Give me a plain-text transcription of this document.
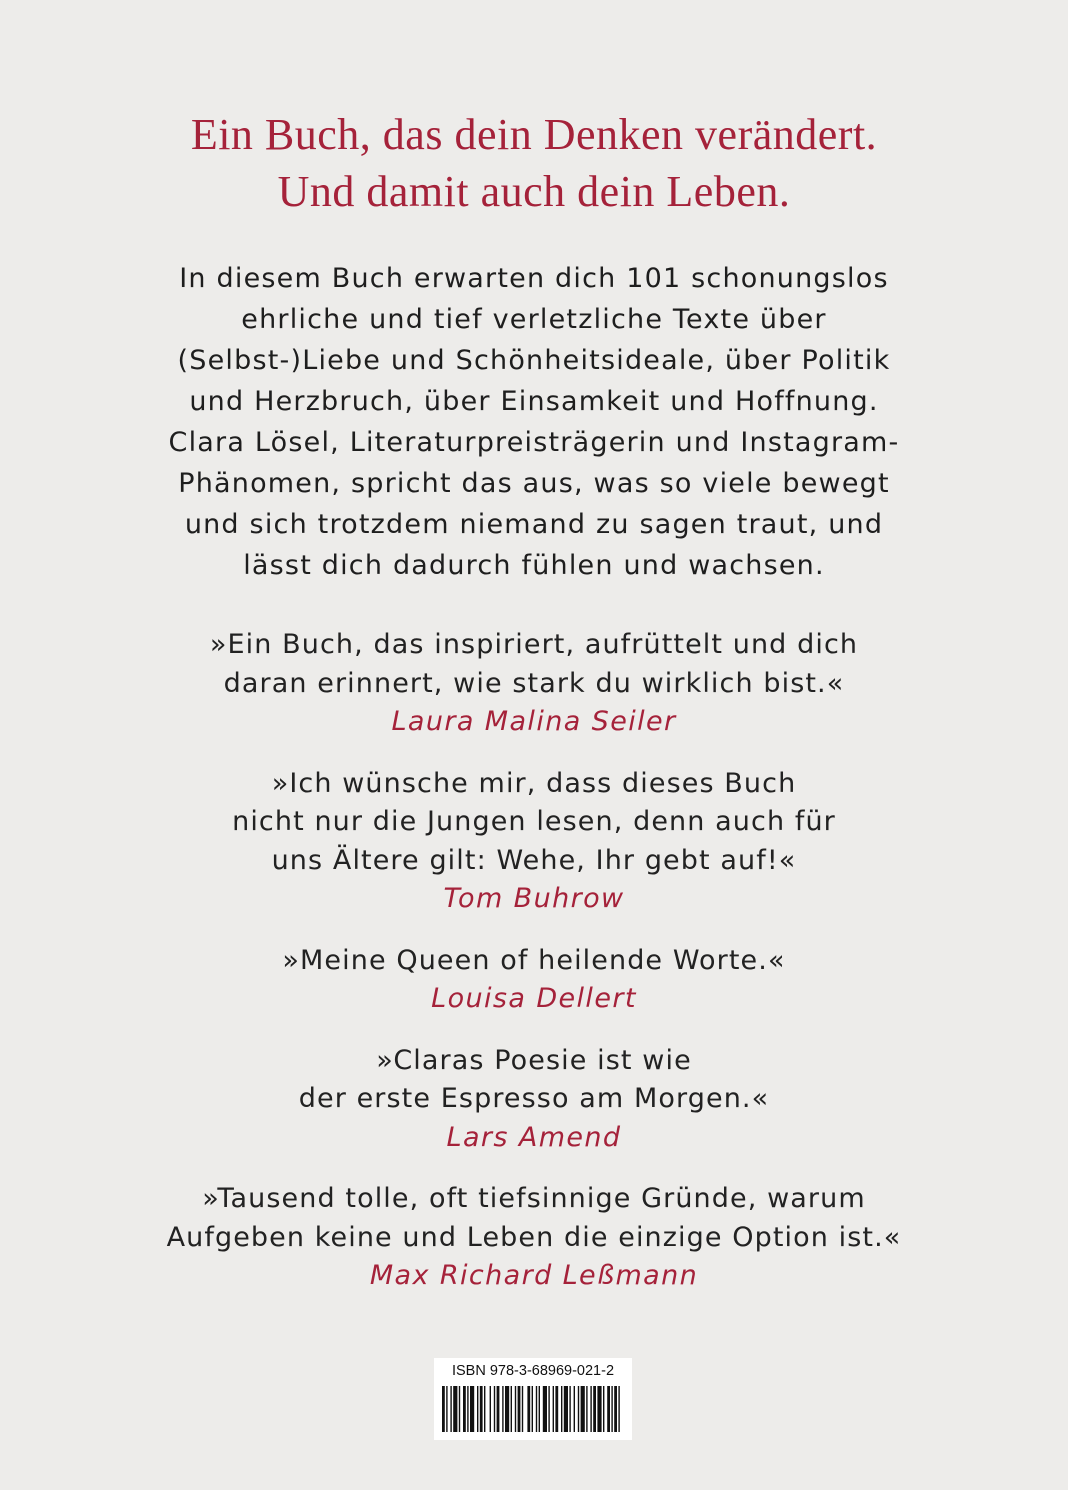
Ein Buch, das dein Denken verändert.
Und damit auch dein Leben.
In diesem Buch erwarten dich 101 schonungslos
ehrliche und tief verletzliche Texte über
(Selbst-)Liebe und Schönheitsideale, über Politik
und Herzbruch, über Einsamkeit und Hoffnung.
Clara Lösel, Literaturpreisträgerin und Instagram-
Phänomen, spricht das aus, was so viele bewegt
und sich trotzdem niemand zu sagen traut, und
lässt dich dadurch fühlen und wachsen.
»Ein Buch, das inspiriert, aufrüttelt und dich
daran erinnert, wie stark du wirklich bist.«
Laura Malina Seiler
»Ich wünsche mir, dass dieses Buch
nicht nur die Jungen lesen, denn auch für
uns Ältere gilt: Wehe, Ihr gebt auf!«
Tom Buhrow
»Meine Queen of heilende Worte.«
Louisa Dellert
»Claras Poesie ist wie
der erste Espresso am Morgen.«
Lars Amend
»Tausend tolle, oft tiefsinnige Gründe, warum
Aufgeben keine und Leben die einzige Option ist.«
Max Richard Leßmann
ISBN 978-3-68969-021-2
